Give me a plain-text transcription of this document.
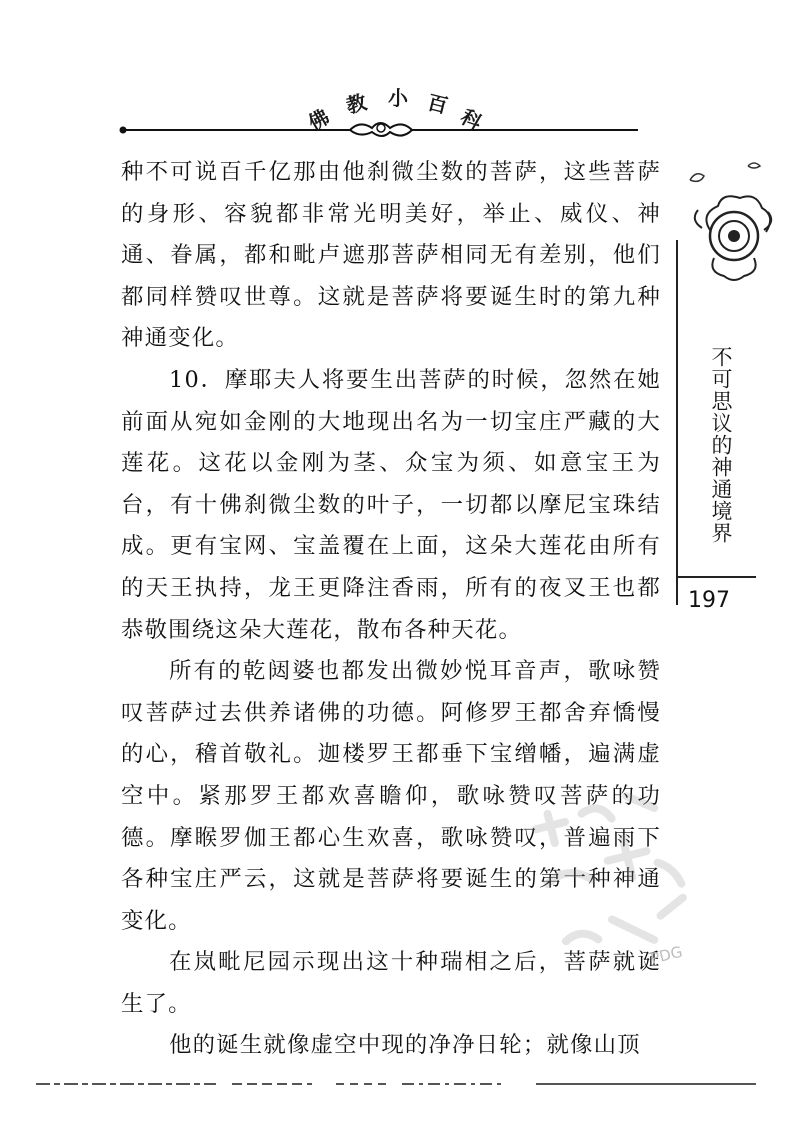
佛
教 小 百
科

种不可说百千亿那由他刹微尘数的菩萨，这些菩萨的身形、容貌都非常光明美好，举止、威仪、神通、眷属，都和毗卢遮那菩萨相同无有差别，他们都同样赞叹世尊。这就是菩萨将要诞生时的第九种神通变化。

10．摩耶夫人将要生出菩萨的时候，忽然在她前面从宛如金刚的大地现出名为一切宝庄严藏的大莲花。这花以金刚为茎、众宝为须、如意宝王为台，有十佛刹微尘数的叶子，一切都以摩尼宝珠结成。更有宝网、宝盖覆在上面，这朵大莲花由所有的天王执持，龙王更降注香雨，所有的夜叉王也都恭敬围绕这朵大莲花，散布各种天花。

所有的乾闼婆也都发出微妙悦耳音声，歌咏赞叹菩萨过去供养诸佛的功德。阿修罗王都舍弃憍慢的心，稽首敬礼。迦楼罗王都垂下宝缯幡，遍满虚空中。紧那罗王都欢喜瞻仰，歌咏赞叹菩萨的功德。摩睺罗伽王都心生欢喜，歌咏赞叹，普遍雨下各种宝庄严云，这就是菩萨将要诞生的第十种神通变化。

在岚毗尼园示现出这十种瑞相之后，菩萨就诞生了。

他的诞生就像虚空中现的净净日轮；就像山顶

不可思议的神通境界
197
PDG
